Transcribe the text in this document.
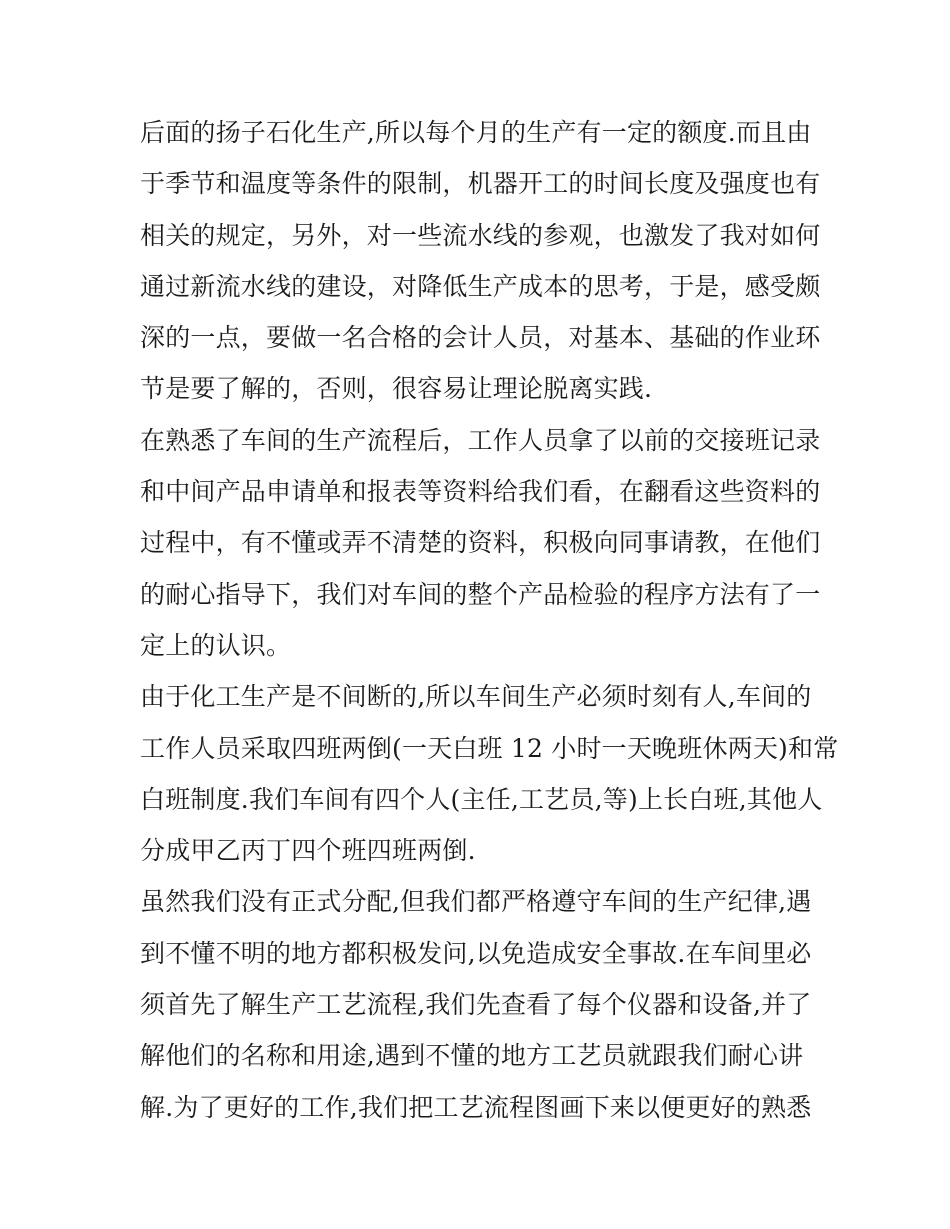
后面的扬子石化生产,所以每个月的生产有一定的额度.而且由
于季节和温度等条件的限制，机器开工的时间长度及强度也有
相关的规定，另外，对一些流水线的参观，也激发了我对如何
通过新流水线的建设，对降低生产成本的思考，于是，感受颇
深的一点，要做一名合格的会计人员，对基本、基础的作业环
节是要了解的，否则，很容易让理论脱离实践.
在熟悉了车间的生产流程后，工作人员拿了以前的交接班记录
和中间产品申请单和报表等资料给我们看，在翻看这些资料的
过程中，有不懂或弄不清楚的资料，积极向同事请教，在他们
的耐心指导下，我们对车间的整个产品检验的程序方法有了一
定上的认识。
由于化工生产是不间断的,所以车间生产必须时刻有人,车间的
工作人员采取四班两倒(一天白班 12 小时一天晚班休两天)和常
白班制度.我们车间有四个人(主任,工艺员,等)上长白班,其他人
分成甲乙丙丁四个班四班两倒.
虽然我们没有正式分配,但我们都严格遵守车间的生产纪律,遇
到不懂不明的地方都积极发问,以免造成安全事故.在车间里必
须首先了解生产工艺流程,我们先查看了每个仪器和设备,并了
解他们的名称和用途,遇到不懂的地方工艺员就跟我们耐心讲
解.为了更好的工作,我们把工艺流程图画下来以便更好的熟悉
